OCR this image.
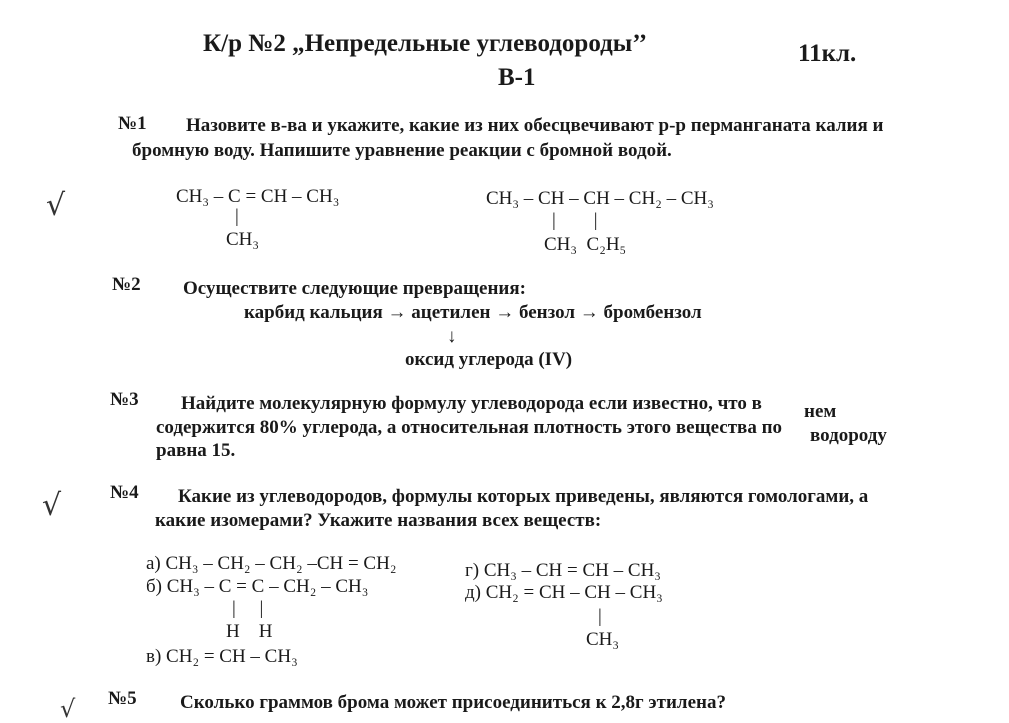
К/р №2 „Непредельные углеводороды’’	11кл.
В-1
√
√
√
№1 Назовите в-ва и укажите, какие из них обесцвечивают р-р перманганата калия и
бромную воду. Напишите уравнение реакции с бромной водой.
CH₃ – C = CH – CH₃
|
CH₃
CH₃ – CH – CH – CH₂ – CH₃
|        |
CH₃  C₂H₅
№2 Осуществите следующие превращения:
карбид кальция → ацетилен → бензол → бромбензол
↓
оксид углерода (IV)
№3 Найдите молекулярную формулу углеводорода если известно, что в нем
содержится 80% углерода, а относительная плотность этого вещества по водороду
равна 15.
№4 Какие из углеводородов, формулы которых приведены, являются гомологами, а
какие изомерами? Укажите названия всех веществ:
а) CH₃ – CH₂ – CH₂ –CH = CH₂
б) CH₃ – C = C – CH₂ – CH₃
|     |
H    H
в) CH₂ = CH – CH₃
г) CH₃ – CH = CH – CH₃
д) CH₂ = CH – CH – CH₃
|
CH₃
№5 Сколько граммов брома может присоединиться к 2,8г этилена?
